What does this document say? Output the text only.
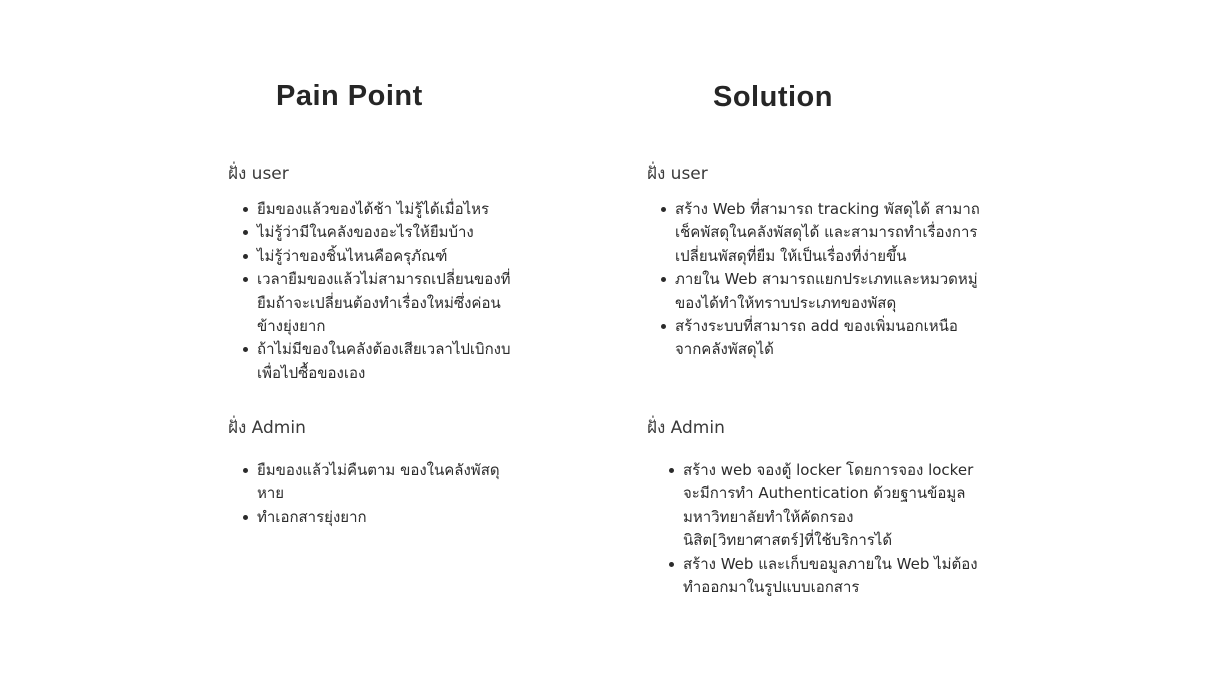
Pain Point	Solution
ฝั่ง user
ยืมของแล้วของได้ช้า ไม่รู้ได้เมื่อไหร
ไม่รู้ว่ามีในคลังของอะไรให้ยืมบ้าง
ไม่รู้ว่าของชิ้นไหนคือครุภัณฑ์
เวลายืมของแล้วไม่สามารถเปลี่ยนของที่ยืมถ้าจะเปลี่ยนต้องทำเรื่องใหม่ซึ่งค่อนข้างยุ่งยาก
ถ้าไม่มีของในคลังต้องเสียเวลาไปเบิกงบเพื่อไปซื้อของเอง
ฝั่ง Admin
ยืมของแล้วไม่คืนตาม ของในคลังพัสดุหาย
ทำเอกสารยุ่งยาก
ฝั่ง user
สร้าง Web ที่สามารถ tracking พัสดุได้ สามาถเช็คพัสดุในคลังพัสดุได้ และสามารถทำเรื่องการเปลี่ยนพัสดุที่ยืม ให้เป็นเรื่องที่ง่ายขึ้น
ภายใน Web สามารถแยกประเภทและหมวดหมู่ของได้ทำให้ทราบประเภทของพัสดุ
สร้างระบบที่สามารถ add ของเพิ่มนอกเหนือจากคลังพัสดุได้
ฝั่ง Admin
สร้าง web จองตู้ locker โดยการจอง locker จะมีการทำ Authentication ด้วยฐานข้อมูลมหาวิทยาลัยทำให้คัดกรองนิสิต[วิทยาศาสตร์]ที่ใช้บริการได้
สร้าง Web และเก็บขอมูลภายใน Web ไม่ต้องทำออกมาในรูปแบบเอกสาร
